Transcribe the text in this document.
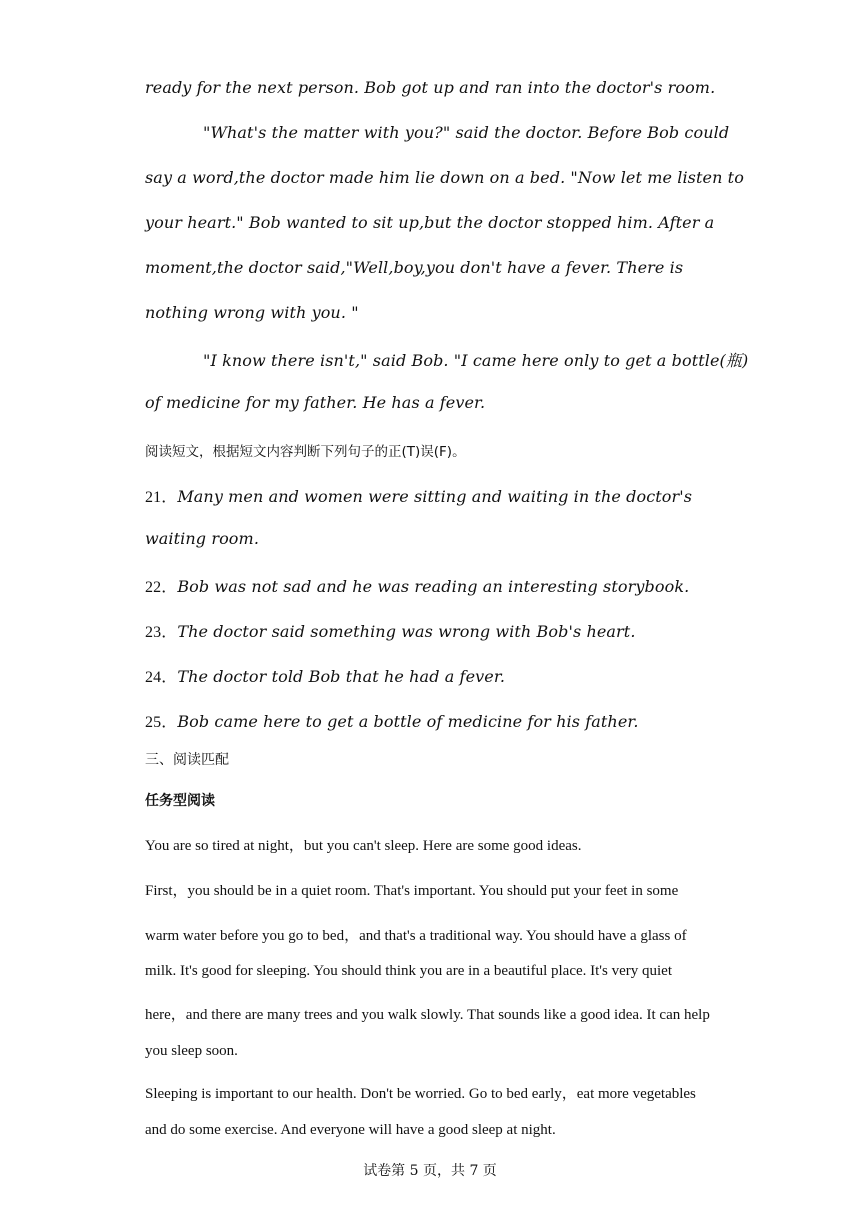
ready for the next person. Bob got up and ran into the doctor's room.
"What's the matter with you?" said the doctor. Before Bob could
say a word,the doctor made him lie down on a bed. "Now let me listen to
your heart." Bob wanted to sit up,but the doctor stopped him. After a
moment,the doctor said,"Well,boy,you don't have a fever. There is
nothing wrong with you. "
"I know there isn't," said Bob. "I came here only to get a bottle(瓶)
of medicine for my father. He has a fever.
阅读短文，根据短文内容判断下列句子的正(T)误(F)。
21．Many men and women were sitting and waiting in the doctor's
waiting room.
22．Bob was not sad and he was reading an interesting storybook.
23．The doctor said something was wrong with Bob's heart.
24．The doctor told Bob that he had a fever.
25．Bob came here to get a bottle of medicine for his father.
三、阅读匹配
任务型阅读
You are so tired at night，but you can't sleep. Here are some good ideas.
First，you should be in a quiet room. That's important. You should put your feet in some
warm water before you go to bed，and that's a traditional way. You should have a glass of
milk. It's good for sleeping. You should think you are in a beautiful place. It's very quiet
here，and there are many trees and you walk slowly. That sounds like a good idea. It can help
you sleep soon.
Sleeping is important to our health. Don't be worried. Go to bed early，eat more vegetables
and do some exercise. And everyone will have a good sleep at night.
试卷第 5 页，共 7 页
